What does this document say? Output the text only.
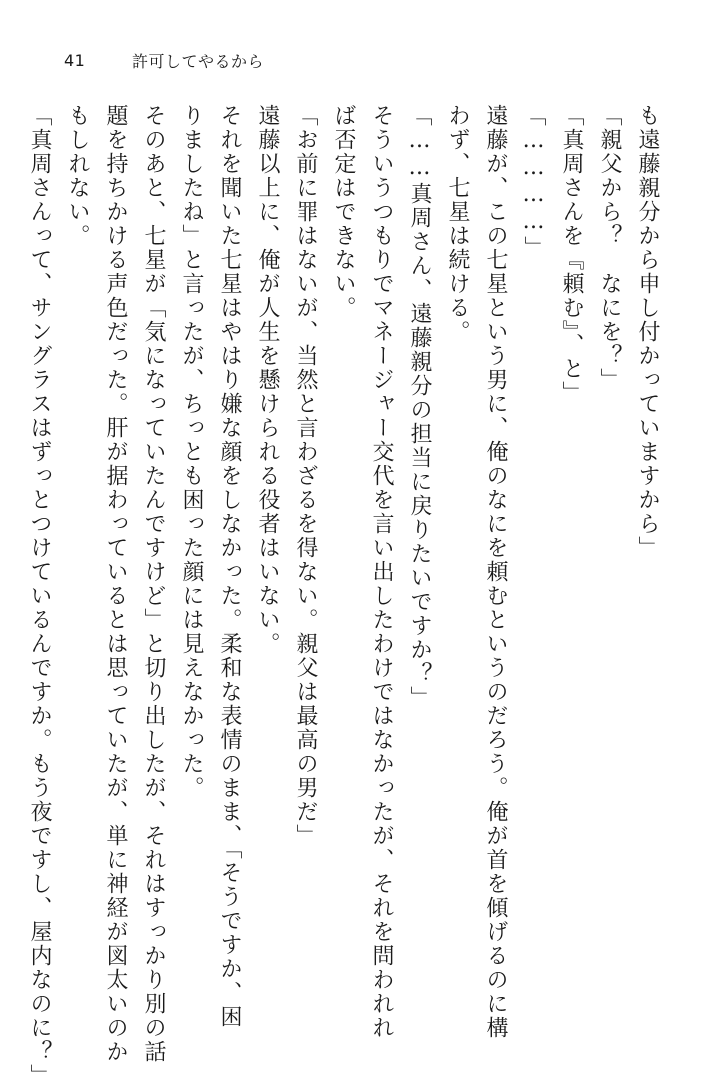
41	許可してやるから
も遠藤親分から申し付かっていますから」
「親父から？　なにを？」
「真周さんを『頼む』、と」
「…………」
遠藤が、この七星という男に、俺のなにを頼むというのだろう。俺が首を傾げるのに構
わず、七星は続ける。
「……真周さん、遠藤親分の担当に戻りたいですか？」
そういうつもりでマネージャー交代を言い出したわけではなかったが、それを問われれ
ば否定はできない。
「お前に罪はないが、当然と言わざるを得ない。親父は最高の男だ」
遠藤以上に、俺が人生を懸けられる役者はいない。
それを聞いた七星はやはり嫌な顔をしなかった。柔和な表情のまま、「そうですか、困
りましたね」と言ったが、ちっとも困った顔には見えなかった。
そのあと、七星が「気になっていたんですけど」と切り出したが、それはすっかり別の話
題を持ちかける声色だった。肝が据わっているとは思っていたが、単に神経が図太いのか
もしれない。
「真周さんって、サングラスはずっとつけているんですか。もう夜ですし、屋内なのに？」
